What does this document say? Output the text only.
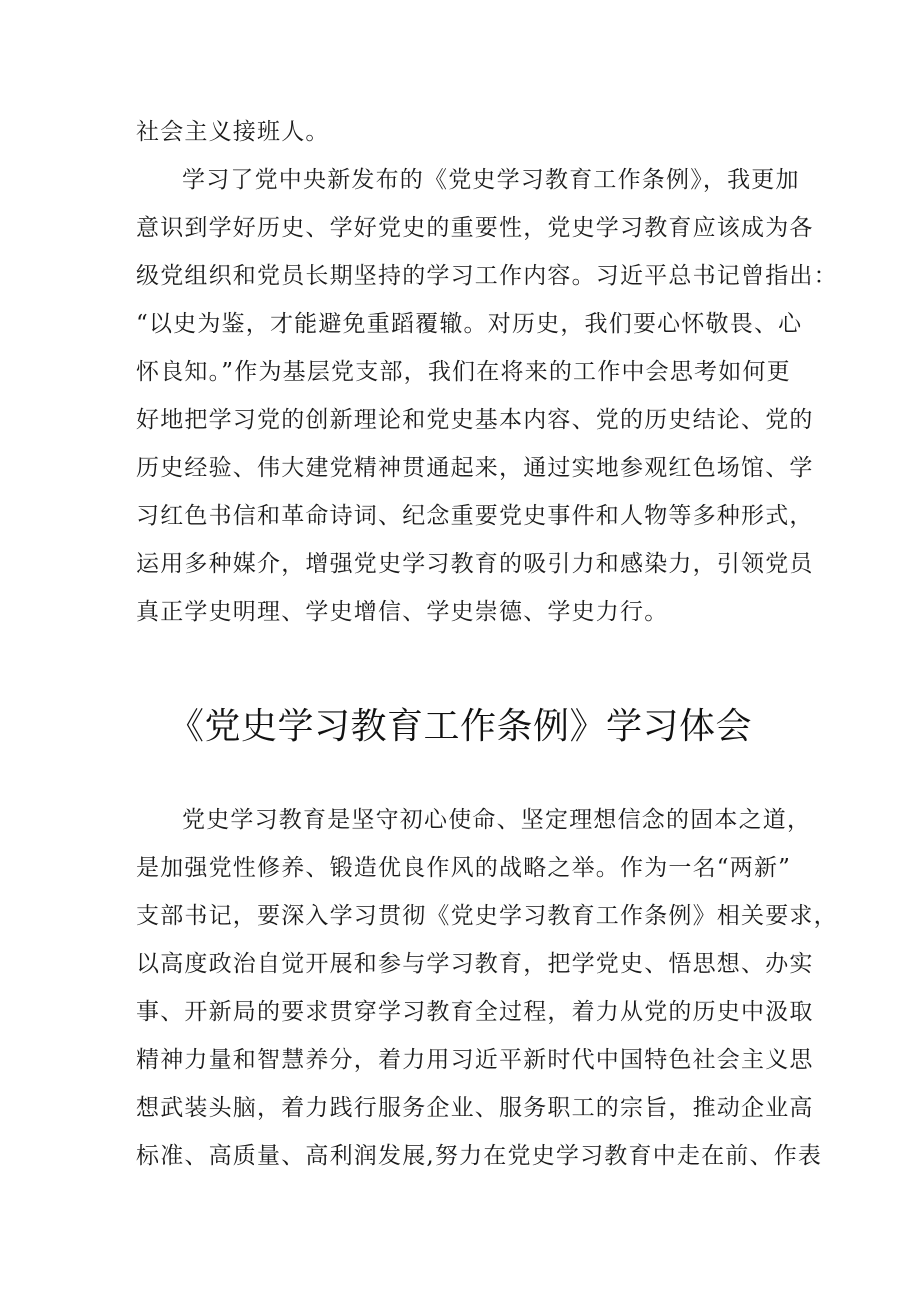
社会主义接班人。
学习了党中央新发布的《党史学习教育工作条例》，我更加
意识到学好历史、学好党史的重要性，党史学习教育应该成为各
级党组织和党员长期坚持的学习工作内容。习近平总书记曾指出：
“以史为鉴，才能避免重蹈覆辙。对历史，我们要心怀敬畏、心
怀良知。”作为基层党支部，我们在将来的工作中会思考如何更
好地把学习党的创新理论和党史基本内容、党的历史结论、党的
历史经验、伟大建党精神贯通起来，通过实地参观红色场馆、学
习红色书信和革命诗词、纪念重要党史事件和人物等多种形式，
运用多种媒介，增强党史学习教育的吸引力和感染力，引领党员
真正学史明理、学史增信、学史崇德、学史力行。
《党史学习教育工作条例》学习体会
党史学习教育是坚守初心使命、坚定理想信念的固本之道，
是加强党性修养、锻造优良作风的战略之举。作为一名“两新”
支部书记，要深入学习贯彻《党史学习教育工作条例》相关要求，
以高度政治自觉开展和参与学习教育，把学党史、悟思想、办实
事、开新局的要求贯穿学习教育全过程，着力从党的历史中汲取
精神力量和智慧养分，着力用习近平新时代中国特色社会主义思
想武装头脑，着力践行服务企业、服务职工的宗旨，推动企业高
标准、高质量、高利润发展,努力在党史学习教育中走在前、作表
